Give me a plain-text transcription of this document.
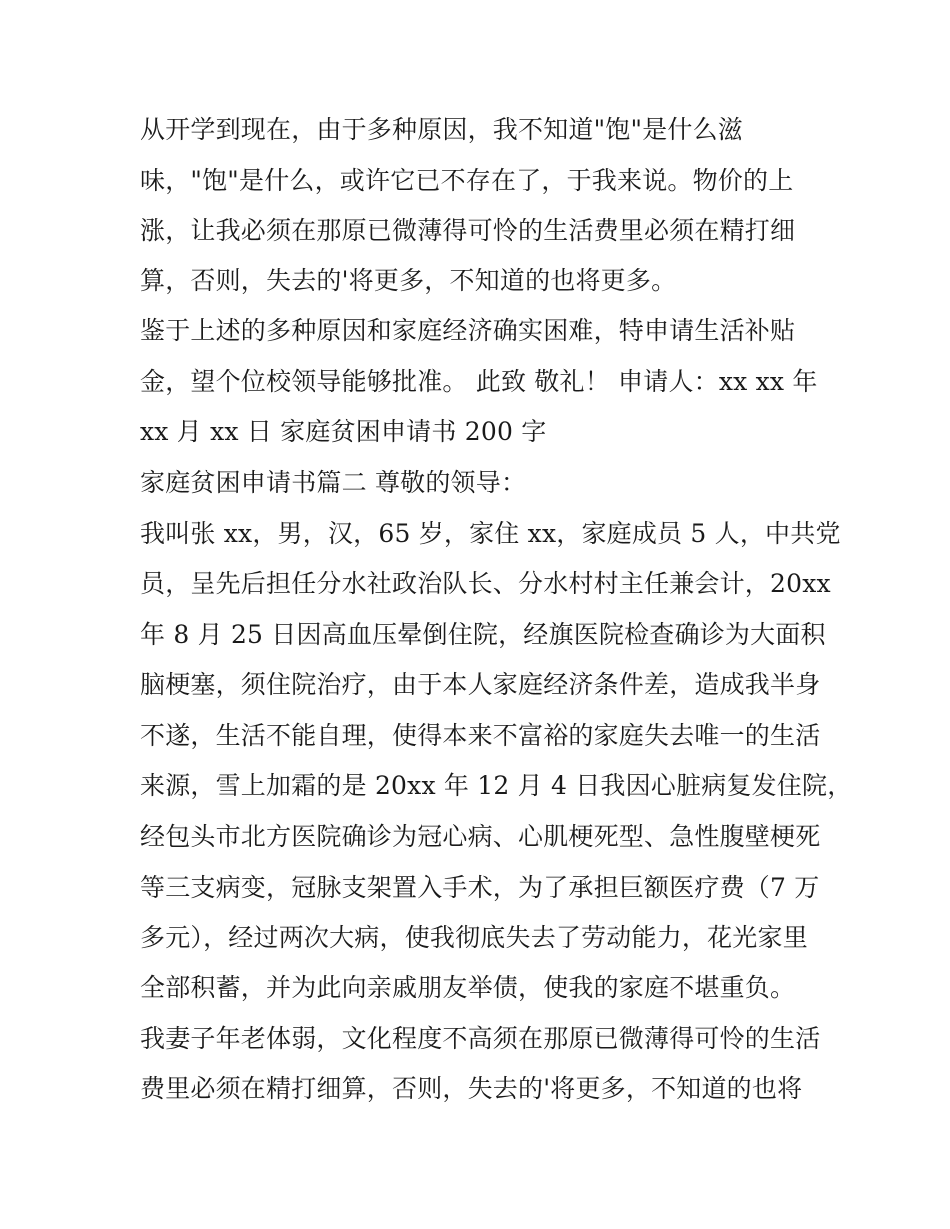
从开学到现在，由于多种原因，我不知道"饱"是什么滋
味，"饱"是什么，或许它已不存在了，于我来说。物价的上
涨，让我必须在那原已微薄得可怜的生活费里必须在精打细
算，否则，失去的'将更多，不知道的也将更多。
鉴于上述的多种原因和家庭经济确实困难，特申请生活补贴
金，望个位校领导能够批准。 此致 敬礼！ 申请人：xx xx 年
xx 月 xx 日 家庭贫困申请书 200 字
家庭贫困申请书篇二 尊敬的领导：
我叫张 xx，男，汉，65 岁，家住 xx，家庭成员 5 人，中共党
员，呈先后担任分水社政治队长、分水村村主任兼会计，20xx
年 8 月 25 日因高血压晕倒住院，经旗医院检查确诊为大面积
脑梗塞，须住院治疗，由于本人家庭经济条件差，造成我半身
不遂，生活不能自理，使得本来不富裕的家庭失去唯一的生活
来源，雪上加霜的是 20xx 年 12 月 4 日我因心脏病复发住院，
经包头市北方医院确诊为冠心病、心肌梗死型、急性腹壁梗死
等三支病变，冠脉支架置入手术，为了承担巨额医疗费（7 万
多元），经过两次大病，使我彻底失去了劳动能力，花光家里
全部积蓄，并为此向亲戚朋友举债，使我的家庭不堪重负。
我妻子年老体弱，文化程度不高须在那原已微薄得可怜的生活
费里必须在精打细算，否则，失去的'将更多，不知道的也将
